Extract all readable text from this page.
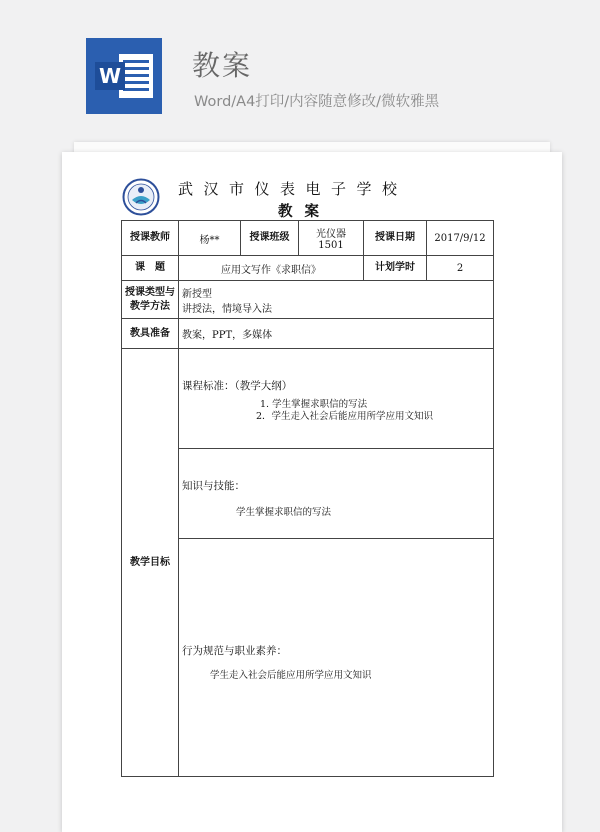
W	教案
Word/A4打印/内容随意修改/微软雅黑
武汉市仪表电子学校
教案
授课教师	杨**	授课班级	光仪器 1501	授课日期	2017/9/12
课　题	应用文写作《求职信》			计划学时	2
授课类型与教学方法	新授型
讲授法，情境导入法				

教具准备	教案，PPT，多媒体				
教学目标	课程标准：（教学大纲）
1. 学生掌握求职信的写法
2．学生走入社会后能应用所学应用文知识				

	知识与技能：
学生掌握求职信的写法				

	行为规范与职业素养：
学生走入社会后能应用所学应用文知识				
